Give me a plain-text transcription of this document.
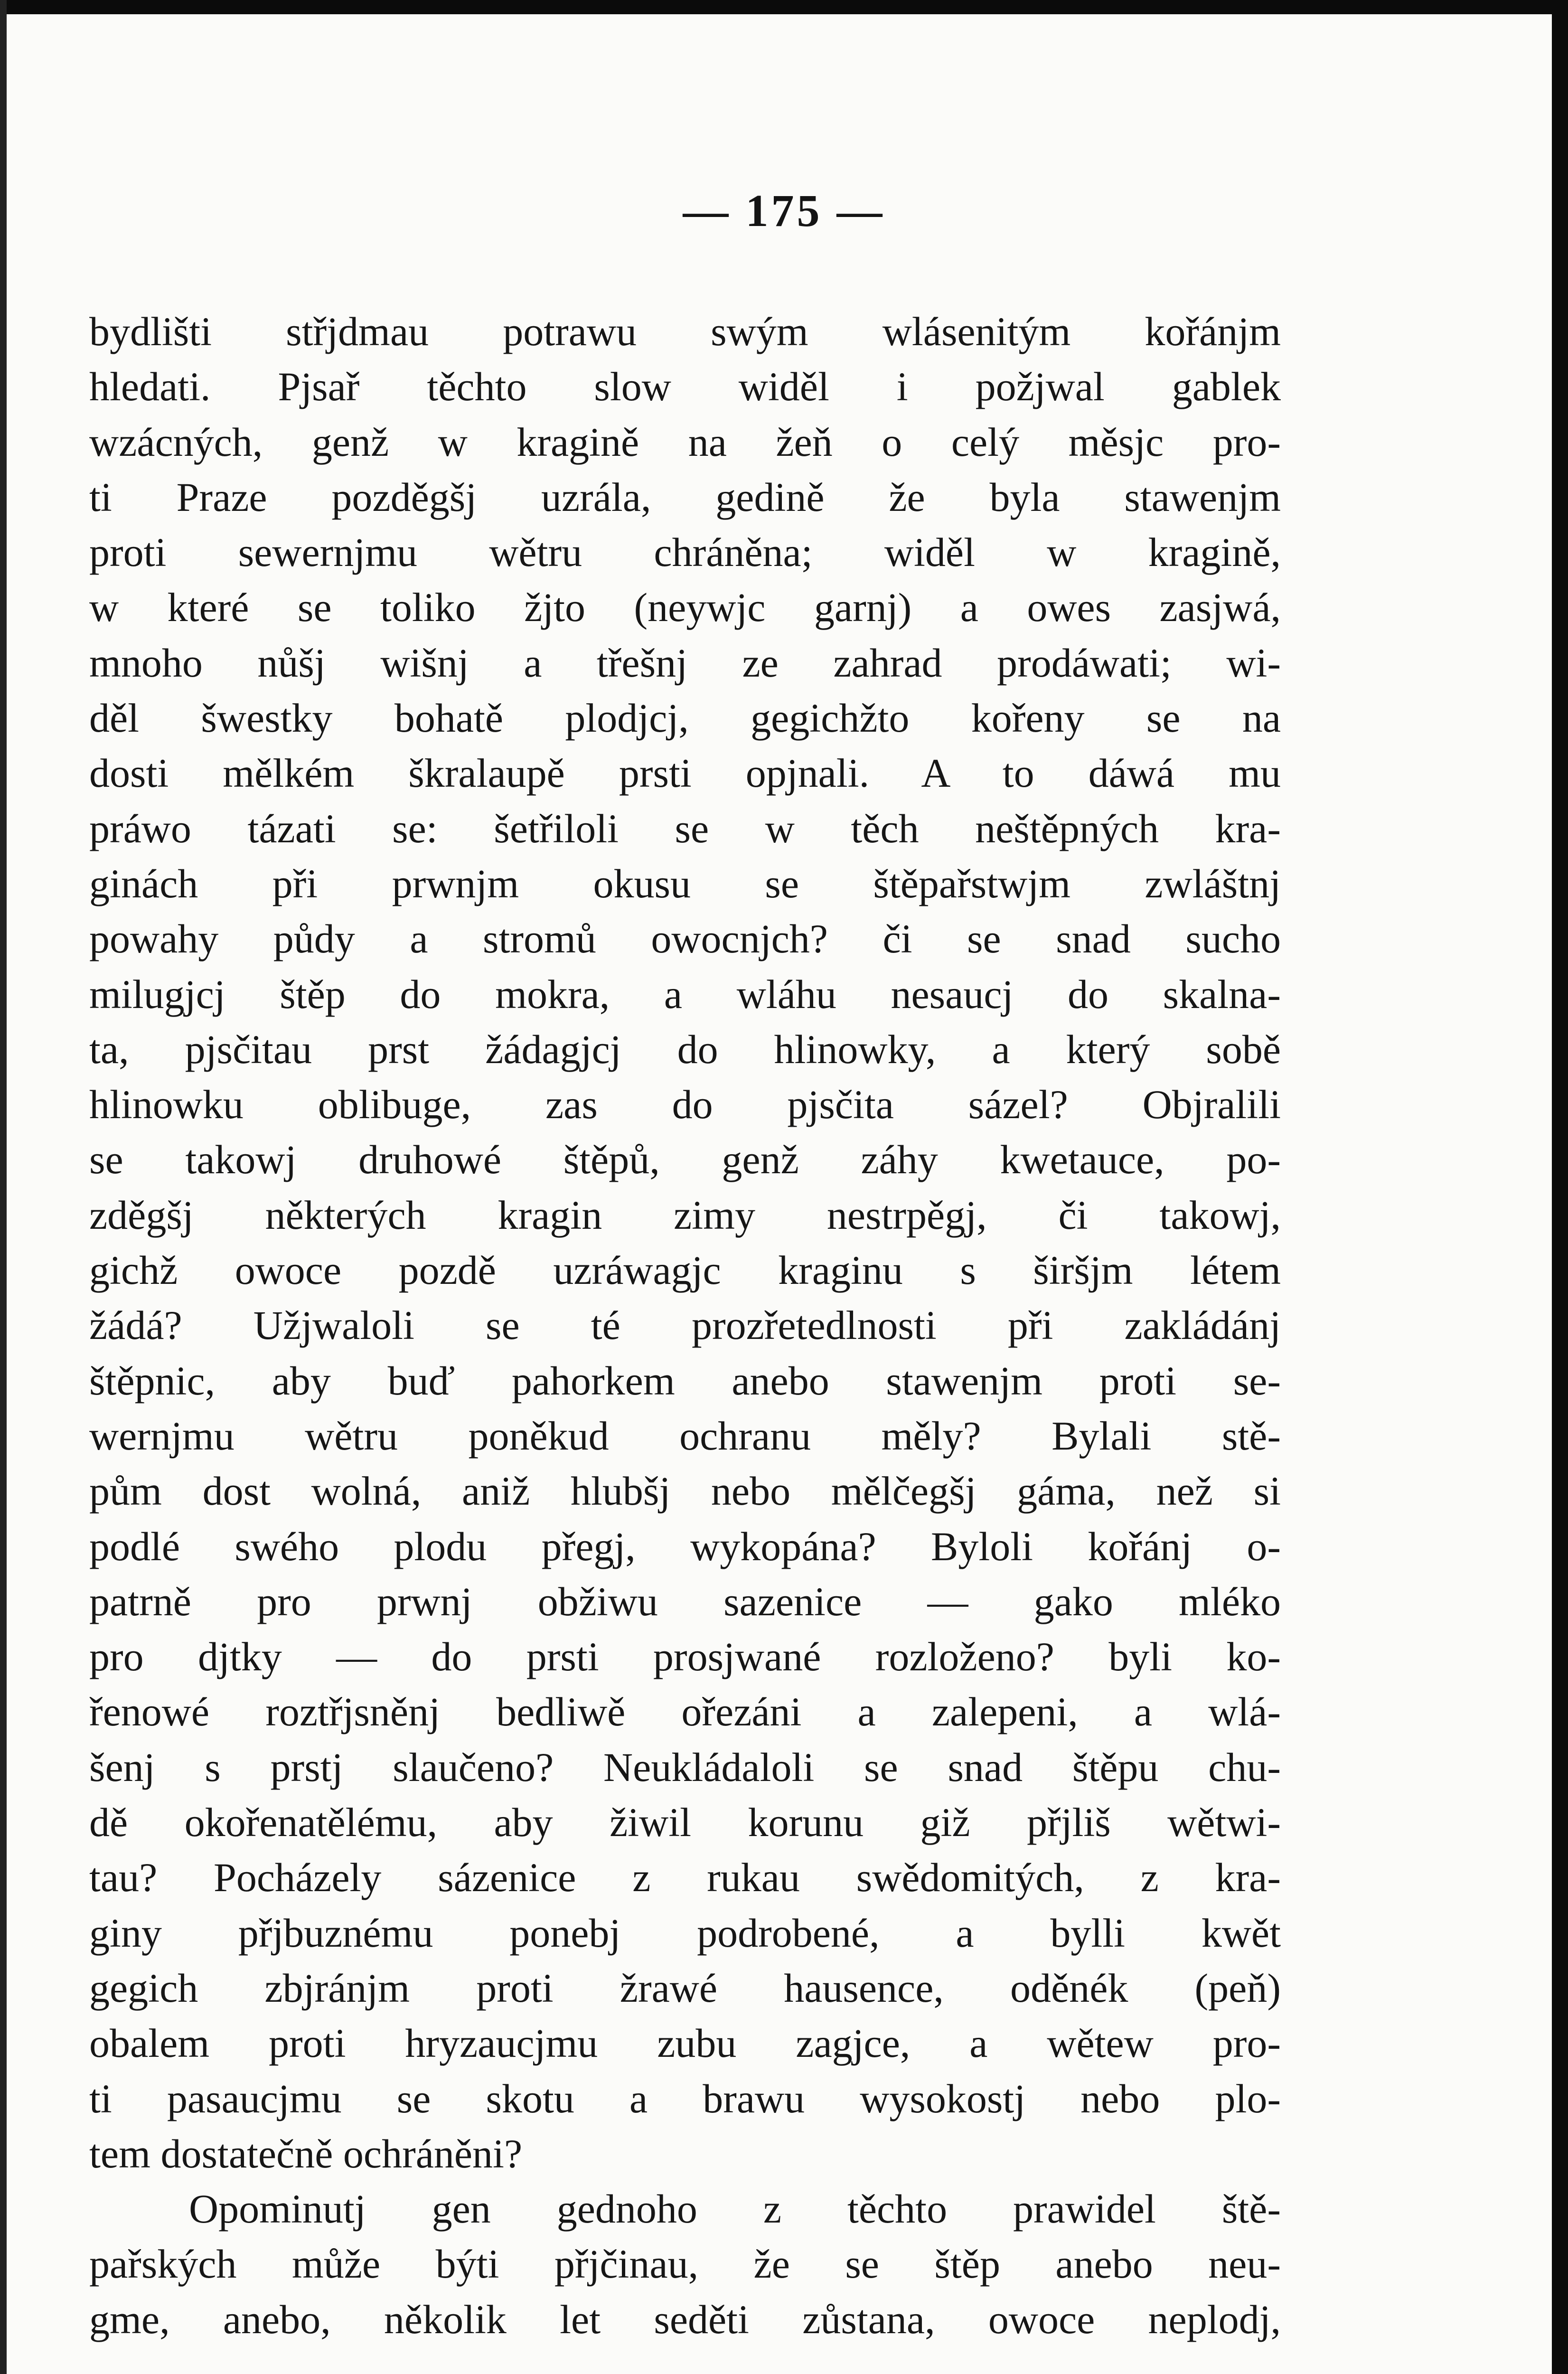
— 175 —
bydlišti střjdmau potrawu swým wlásenitým kořánjm
hledati. Pjsař těchto slow widěl i požjwal gablek
wzácných, genž w kragině na žeň o celý měsjc pro-
ti Praze pozděgšj uzrála, gedině že byla stawenjm
proti sewernjmu wětru chráněna; widěl w kragině,
w které se toliko žjto (neywjc garnj) a owes zasjwá,
mnoho nůšj wišnj a třešnj ze zahrad prodáwati; wi-
děl šwestky bohatě plodjcj, gegichžto kořeny se na
dosti mělkém škralaupě prsti opjnali. A to dáwá mu
práwo tázati se: šetřiloli se w těch neštěpných kra-
ginách při prwnjm okusu se štěpařstwjm zwláštnj
powahy půdy a stromů owocnjch? či se snad sucho
milugjcj štěp do mokra, a wláhu nesaucj do skalna-
ta, pjsčitau prst žádagjcj do hlinowky, a který sobě
hlinowku oblibuge, zas do pjsčita sázel? Objralili
se takowj druhowé štěpů, genž záhy kwetauce, po-
zděgšj některých kragin zimy nestrpěgj, či takowj,
gichž owoce pozdě uzráwagjc kraginu s širšjm létem
žádá? Užjwaloli se té prozřetedlnosti při zakládánj
štěpnic, aby buď pahorkem anebo stawenjm proti se-
wernjmu wětru poněkud ochranu měly? Bylali stě-
pům dost wolná, aniž hlubšj nebo mělčegšj gáma, než si
podlé swého plodu přegj, wykopána? Byloli kořánj o-
patrně pro prwnj obžiwu sazenice — gako mléko
pro djtky — do prsti prosjwané rozloženo? byli ko-
řenowé roztřjsněnj bedliwě ořezáni a zalepeni, a wlá-
šenj s prstj slaučeno? Neukládaloli se snad štěpu chu-
dě okořenatělému, aby žiwil korunu giž přjliš wětwi-
tau? Pocházely sázenice z rukau swědomitých, z kra-
giny přjbuznému ponebj podrobené, a bylli kwět
gegich zbjránjm proti žrawé hausence, oděnék (peň)
obalem proti hryzaucjmu zubu zagjce, a wětew pro-
ti pasaucjmu se skotu a brawu wysokostj nebo plo-
tem dostatečně ochráněni?
Opominutj gen gednoho z těchto prawidel ště-
pařských může býti přjčinau, že se štěp anebo neu-
gme, anebo, několik let seděti zůstana, owoce neplodj,
